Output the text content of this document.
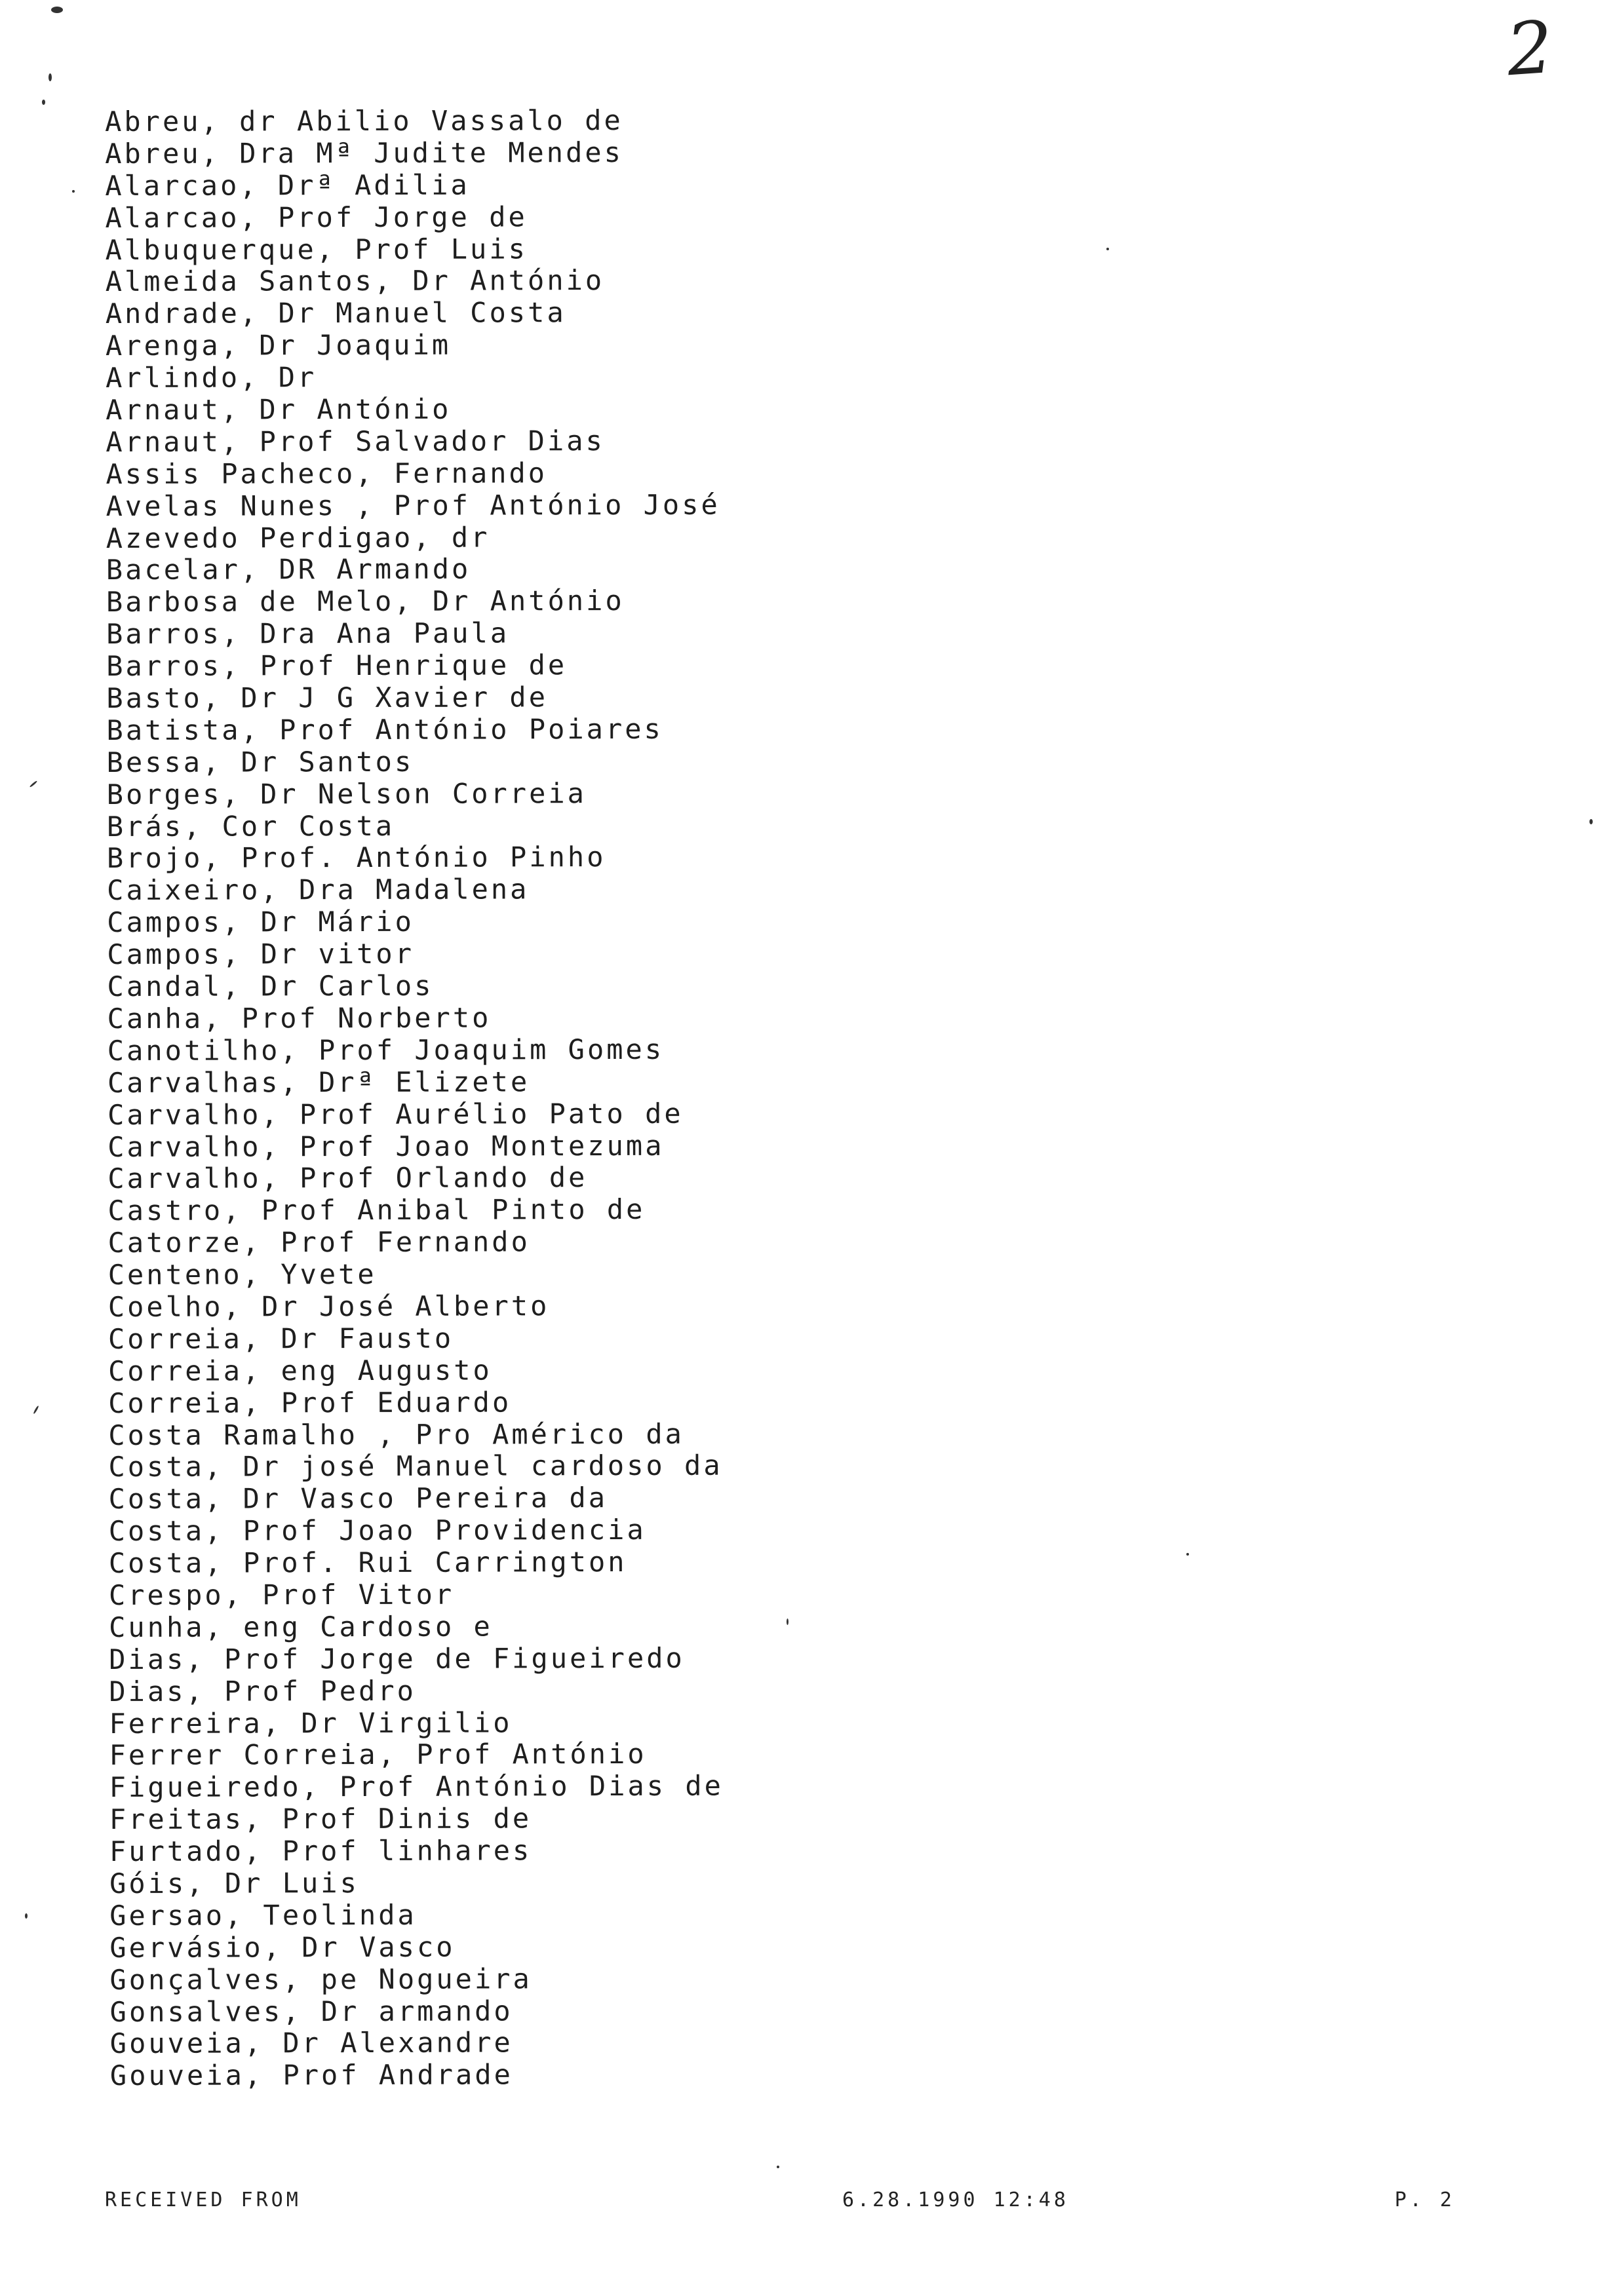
2
Abreu, dr Abilio Vassalo de
Abreu, Dra Mª Judite Mendes
Alarcao, Drª Adilia
Alarcao, Prof Jorge de
Albuquerque, Prof Luis
Almeida Santos, Dr António
Andrade, Dr Manuel Costa
Arenga, Dr Joaquim
Arlindo, Dr
Arnaut, Dr António
Arnaut, Prof Salvador Dias
Assis Pacheco, Fernando
Avelas Nunes , Prof António José
Azevedo Perdigao, dr
Bacelar, DR Armando
Barbosa de Melo, Dr António
Barros, Dra Ana Paula
Barros, Prof Henrique de
Basto, Dr J G Xavier de
Batista, Prof António Poiares
Bessa, Dr Santos
Borges, Dr Nelson Correia
Brás, Cor Costa
Brojo, Prof. António Pinho
Caixeiro, Dra Madalena
Campos, Dr Mário
Campos, Dr vitor
Candal, Dr Carlos
Canha, Prof Norberto
Canotilho, Prof Joaquim Gomes
Carvalhas, Drª Elizete
Carvalho, Prof Aurélio Pato de
Carvalho, Prof Joao Montezuma
Carvalho, Prof Orlando de
Castro, Prof Anibal Pinto de
Catorze, Prof Fernando
Centeno, Yvete
Coelho, Dr José Alberto
Correia, Dr Fausto
Correia, eng Augusto
Correia, Prof Eduardo
Costa Ramalho , Pro Américo da
Costa, Dr josé Manuel cardoso da
Costa, Dr Vasco Pereira da
Costa, Prof Joao Providencia
Costa, Prof. Rui Carrington
Crespo, Prof Vitor
Cunha, eng Cardoso e
Dias, Prof Jorge de Figueiredo
Dias, Prof Pedro
Ferreira, Dr Virgilio
Ferrer Correia, Prof António
Figueiredo, Prof António Dias de
Freitas, Prof Dinis de
Furtado, Prof linhares
Góis, Dr Luis
Gersao, Teolinda
Gervásio, Dr Vasco
Gonçalves, pe Nogueira
Gonsalves, Dr armando
Gouveia, Dr Alexandre
Gouveia, Prof Andrade
RECEIVED FROM	6.28.1990 12:48	P. 2
